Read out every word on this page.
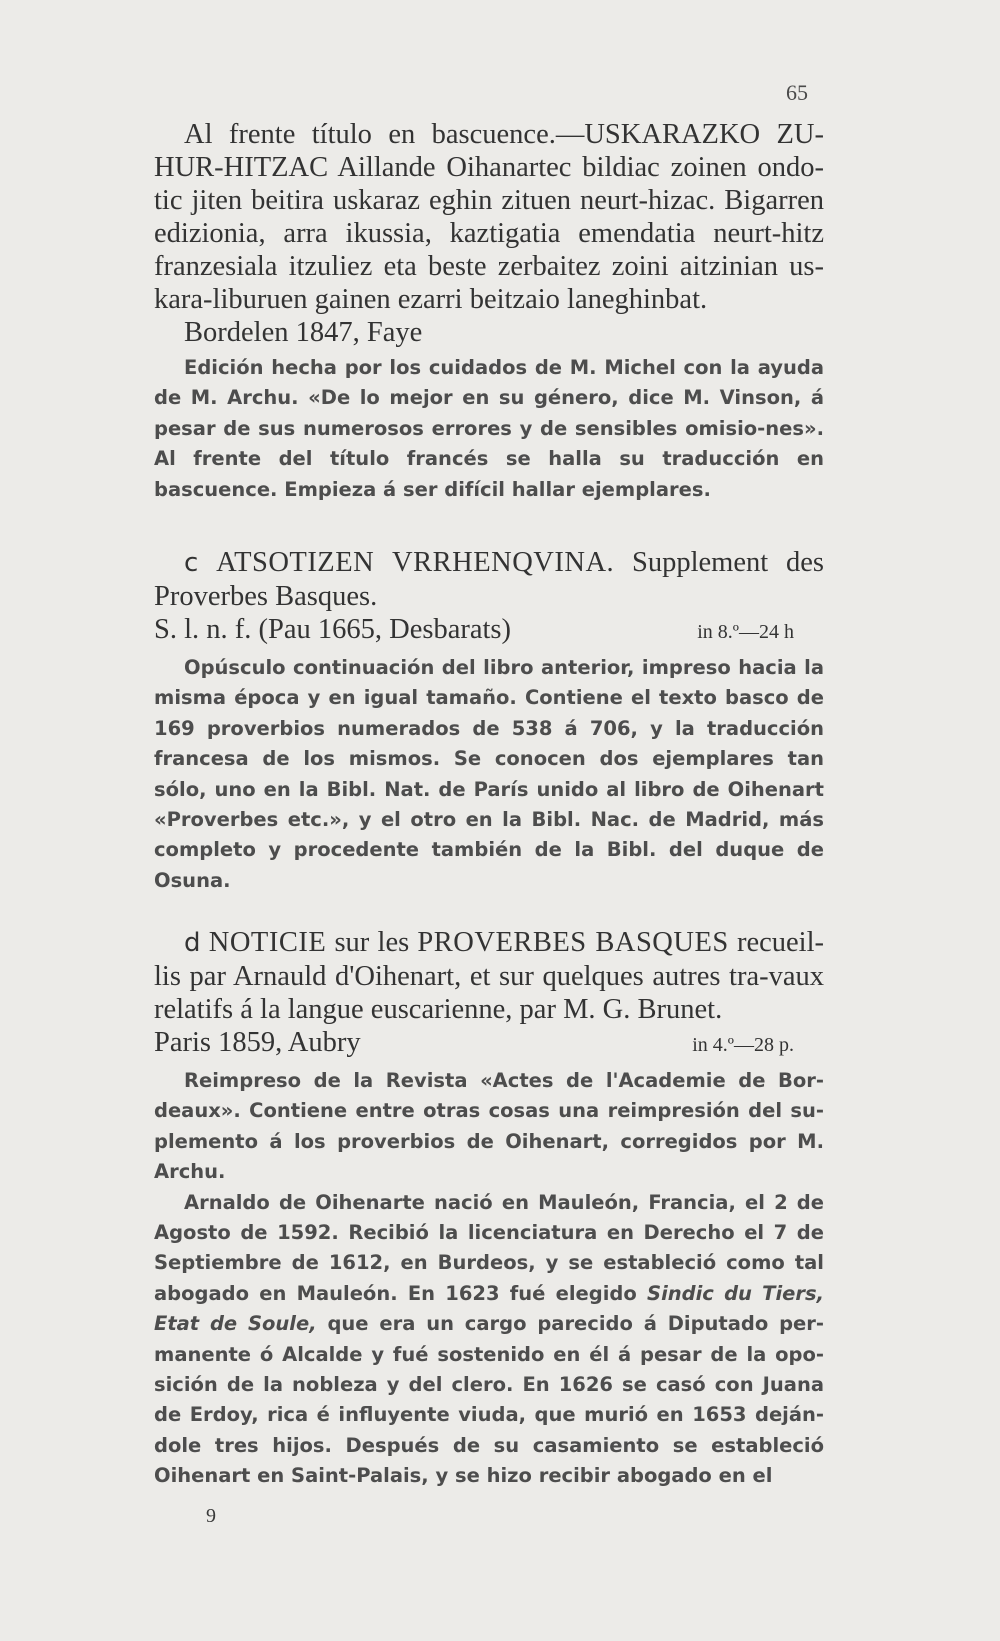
65

Al frente título en bascuence.—USKARAZKO ZU-HUR-HITZAC Aillande Oihanartec bildiac zoinen ondo-tic jiten beitira uskaraz eghin zituen neurt-hizac. Bigarren edizionia, arra ikussia, kaztigatia emendatia neurt-hitz franzesiala itzuliez eta beste zerbaitez zoini aitzinian us-kara-liburuen gainen ezarri beitzaio laneghinbat.

Bordelen 1847, Faye

Edición hecha por los cuidados de M. Michel con la ayuda de M. Archu. «De lo mejor en su género, dice M. Vinson, á pesar de sus numerosos errores y de sensibles omisio-nes». Al frente del título francés se halla su traducción en bascuence. Empieza á ser difícil hallar ejemplares.

c ATSOTIZEN VRRHENQVINA. Supplement des Proverbes Basques.

S. l. n. f. (Pau 1665, Desbarats)	in 8.º—24 h

Opúsculo continuación del libro anterior, impreso hacia la misma época y en igual tamaño. Contiene el texto basco de 169 proverbios numerados de 538 á 706, y la traducción francesa de los mismos. Se conocen dos ejemplares tan sólo, uno en la Bibl. Nat. de París unido al libro de Oihenart «Proverbes etc.», y el otro en la Bibl. Nac. de Madrid, más completo y procedente también de la Bibl. del duque de Osuna.

d NOTICIE sur les PROVERBES BASQUES recueil-lis par Arnauld d'Oihenart, et sur quelques autres tra-vaux relatifs á la langue euscarienne, par M. G. Brunet.

Paris 1859, Aubry	in 4.º—28 p.

Reimpreso de la Revista «Actes de l'Academie de Bor-deaux». Contiene entre otras cosas una reimpresión del su-plemento á los proverbios de Oihenart, corregidos por M. Archu.

Arnaldo de Oihenarte nació en Mauleón, Francia, el 2 de Agosto de 1592. Recibió la licenciatura en Derecho el 7 de Septiembre de 1612, en Burdeos, y se estableció como tal abogado en Mauleón. En 1623 fué elegido Sindic du Tiers, Etat de Soule, que era un cargo parecido á Diputado per-manente ó Alcalde y fué sostenido en él á pesar de la opo-sición de la nobleza y del clero. En 1626 se casó con Juana de Erdoy, rica é influyente viuda, que murió en 1653 deján-dole tres hijos. Después de su casamiento se estableció Oihenart en Saint-Palais, y se hizo recibir abogado en el

9
